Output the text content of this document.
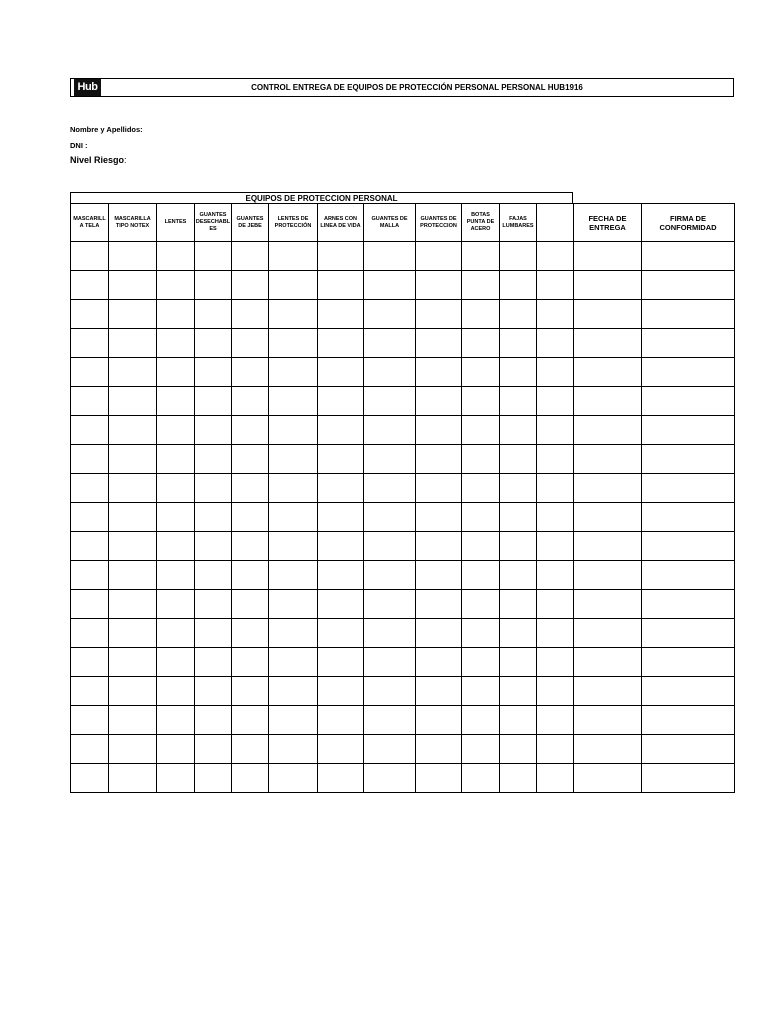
Hub	CONTROL ENTREGA DE EQUIPOS DE PROTECCIÓN PERSONAL PERSONAL HUB1916
Nombre y Apellidos:
DNI :
Nivel Riesgo:
EQUIPOS DE PROTECCION PERSONAL
MASCARILL A TELA	MASCARILLA TIPO NOTEX	LENTES	GUANTES DESECHABL ES	GUANTES DE JEBE	LENTES DE PROTECCIÓN	ARNES CON LINEA DE VIDA	GUANTES DE MALLA	GUANTES DE PROTECCION	BOTAS PUNTA DE ACERO	FAJAS LUMBARES		FECHA DE ENTREGA	FIRMA DE CONFORMIDAD
